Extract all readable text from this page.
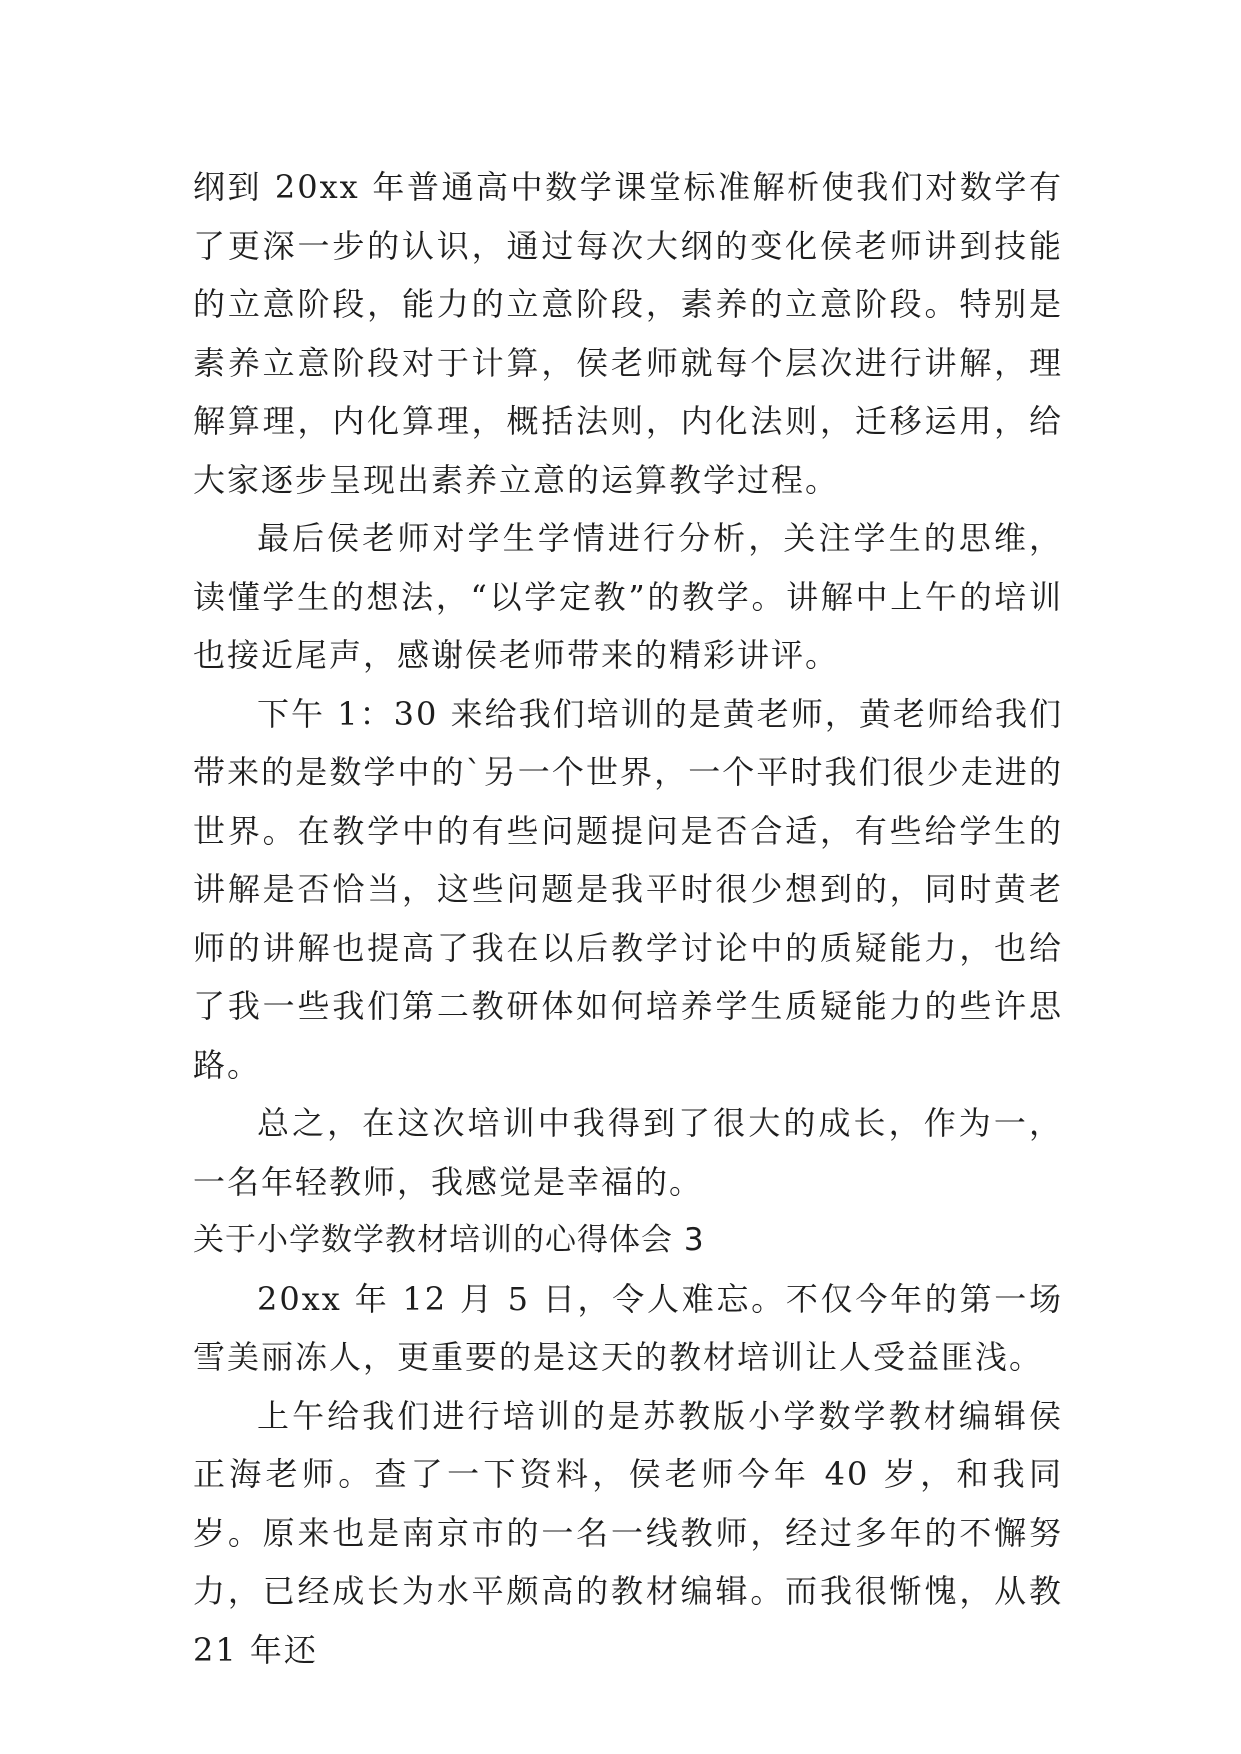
纲到 20xx 年普通高中数学课堂标准解析使我们对数学有了更深一步的认识，通过每次大纲的变化侯老师讲到技能的立意阶段，能力的立意阶段，素养的立意阶段。特别是素养立意阶段对于计算，侯老师就每个层次进行讲解，理解算理，内化算理，概括法则，内化法则，迁移运用，给大家逐步呈现出素养立意的运算教学过程。

最后侯老师对学生学情进行分析，关注学生的思维，读懂学生的想法，“以学定教”的教学。讲解中上午的培训也接近尾声，感谢侯老师带来的精彩讲评。

下午 1：30 来给我们培训的是黄老师，黄老师给我们带来的是数学中的`另一个世界，一个平时我们很少走进的世界。在教学中的有些问题提问是否合适，有些给学生的讲解是否恰当，这些问题是我平时很少想到的，同时黄老师的讲解也提高了我在以后教学讨论中的质疑能力，也给了我一些我们第二教研体如何培养学生质疑能力的些许思路。

总之，在这次培训中我得到了很大的成长，作为一，一名年轻教师，我感觉是幸福的。

关于小学数学教材培训的心得体会 3

20xx 年 12 月 5 日，令人难忘。不仅今年的第一场雪美丽冻人，更重要的是这天的教材培训让人受益匪浅。

上午给我们进行培训的是苏教版小学数学教材编辑侯正海老师。查了一下资料，侯老师今年 40 岁，和我同岁。原来也是南京市的一名一线教师，经过多年的不懈努力，已经成长为水平颇高的教材编辑。而我很惭愧，从教 21 年还
